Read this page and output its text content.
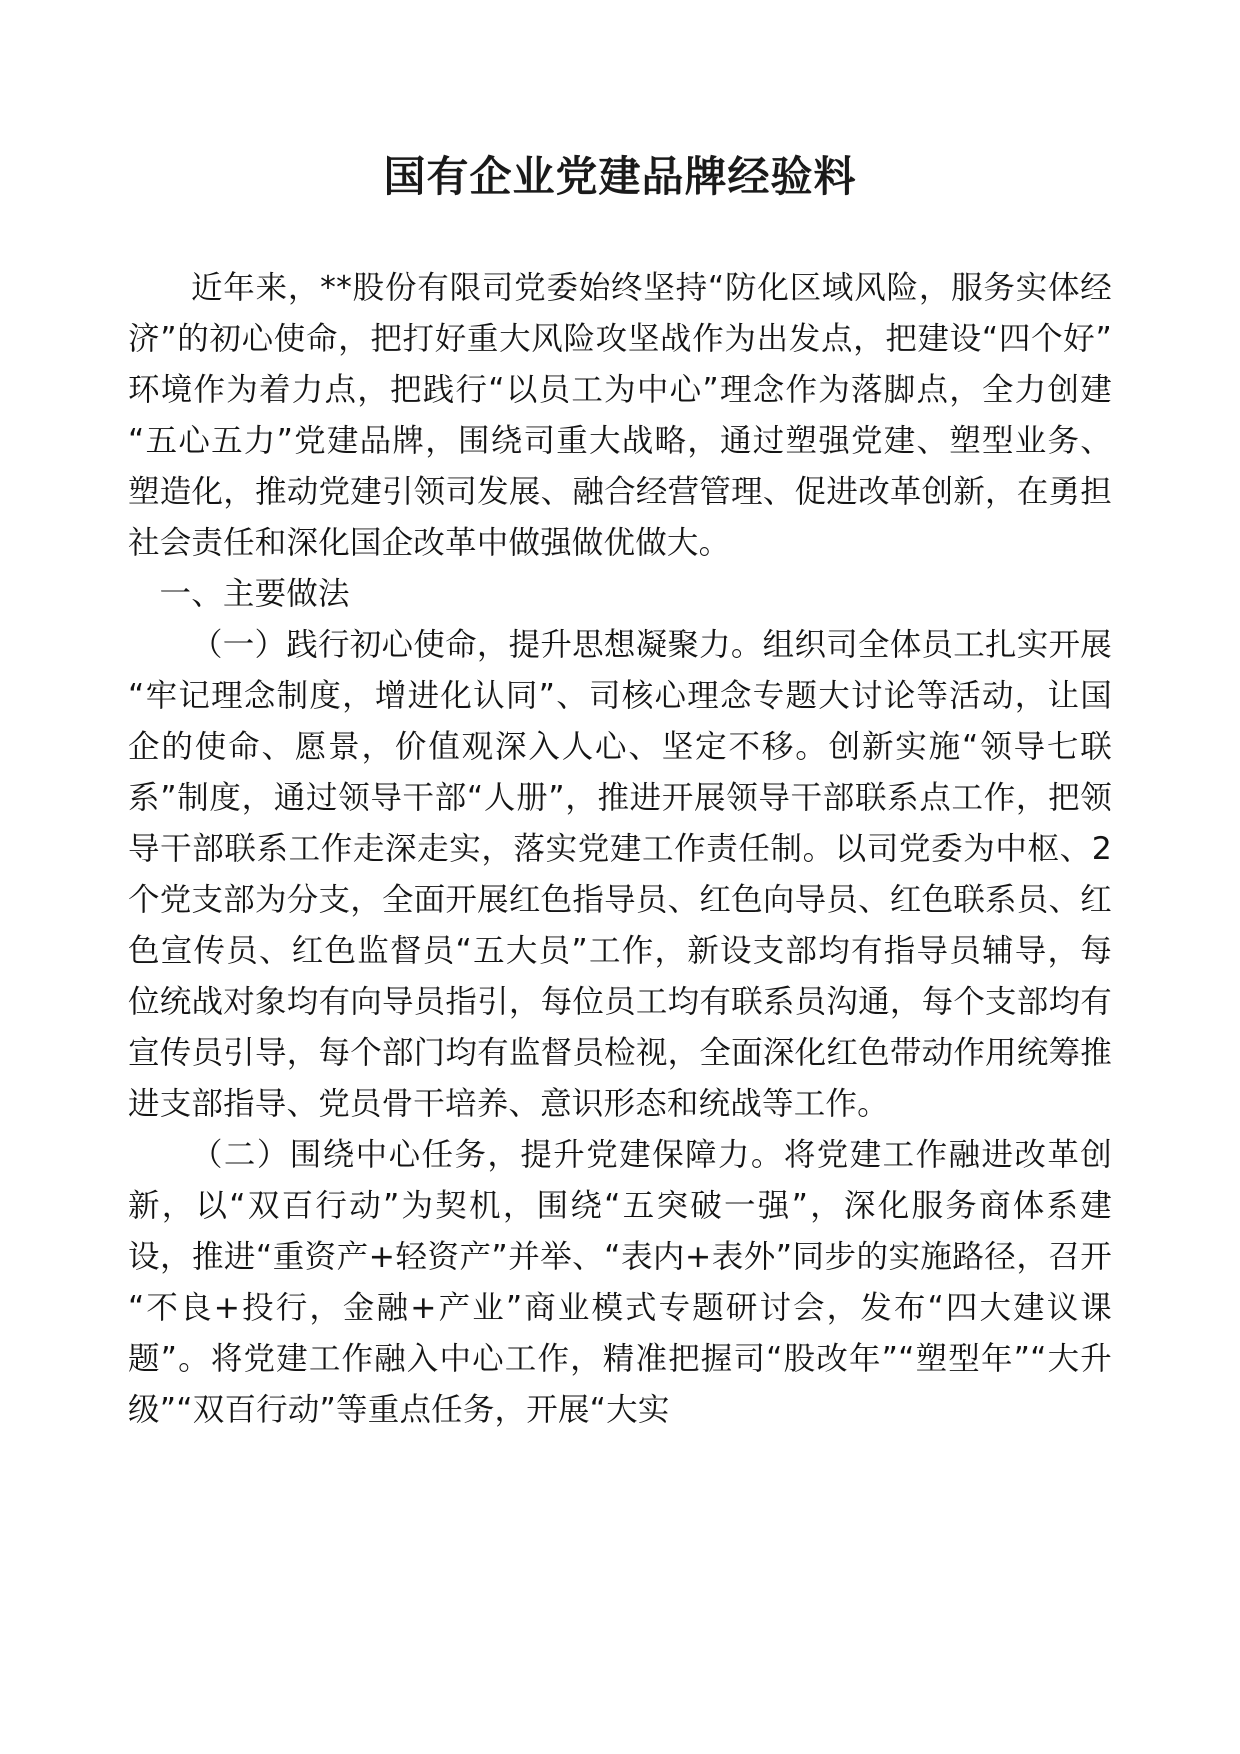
国有企业党建品牌经验料

近年来，**股份有限司党委始终坚持“防化区域风险，服务实体经济”的初心使命，把打好重大风险攻坚战作为出发点，把建设“四个好”环境作为着力点，把践行“以员工为中心”理念作为落脚点，全力创建“五心五力”党建品牌，围绕司重大战略，通过塑强党建、塑型业务、塑造化，推动党建引领司发展、融合经营管理、促进改革创新，在勇担社会责任和深化国企改革中做强做优做大。

一、主要做法

（一）践行初心使命，提升思想凝聚力。组织司全体员工扎实开展“牢记理念制度，增进化认同”、司核心理念专题大讨论等活动，让国企的使命、愿景，价值观深入人心、坚定不移。创新实施“领导七联系”制度，通过领导干部“人册”，推进开展领导干部联系点工作，把领导干部联系工作走深走实，落实党建工作责任制。以司党委为中枢、2 个党支部为分支，全面开展红色指导员、红色向导员、红色联系员、红色宣传员、红色监督员“五大员”工作，新设支部均有指导员辅导，每位统战对象均有向导员指引，每位员工均有联系员沟通，每个支部均有宣传员引导，每个部门均有监督员检视，全面深化红色带动作用统筹推进支部指导、党员骨干培养、意识形态和统战等工作。

（二）围绕中心任务，提升党建保障力。将党建工作融进改革创新，以“双百行动”为契机，围绕“五突破一强”，深化服务商体系建设，推进“重资产+轻资产”并举、“表内+表外”同步的实施路径，召开“不良+投行，金融+产业”商业模式专题研讨会，发布“四大建议课题”。将党建工作融入中心工作，精准把握司“股改年”“塑型年”“大升级”“双百行动”等重点任务，开展“大实
